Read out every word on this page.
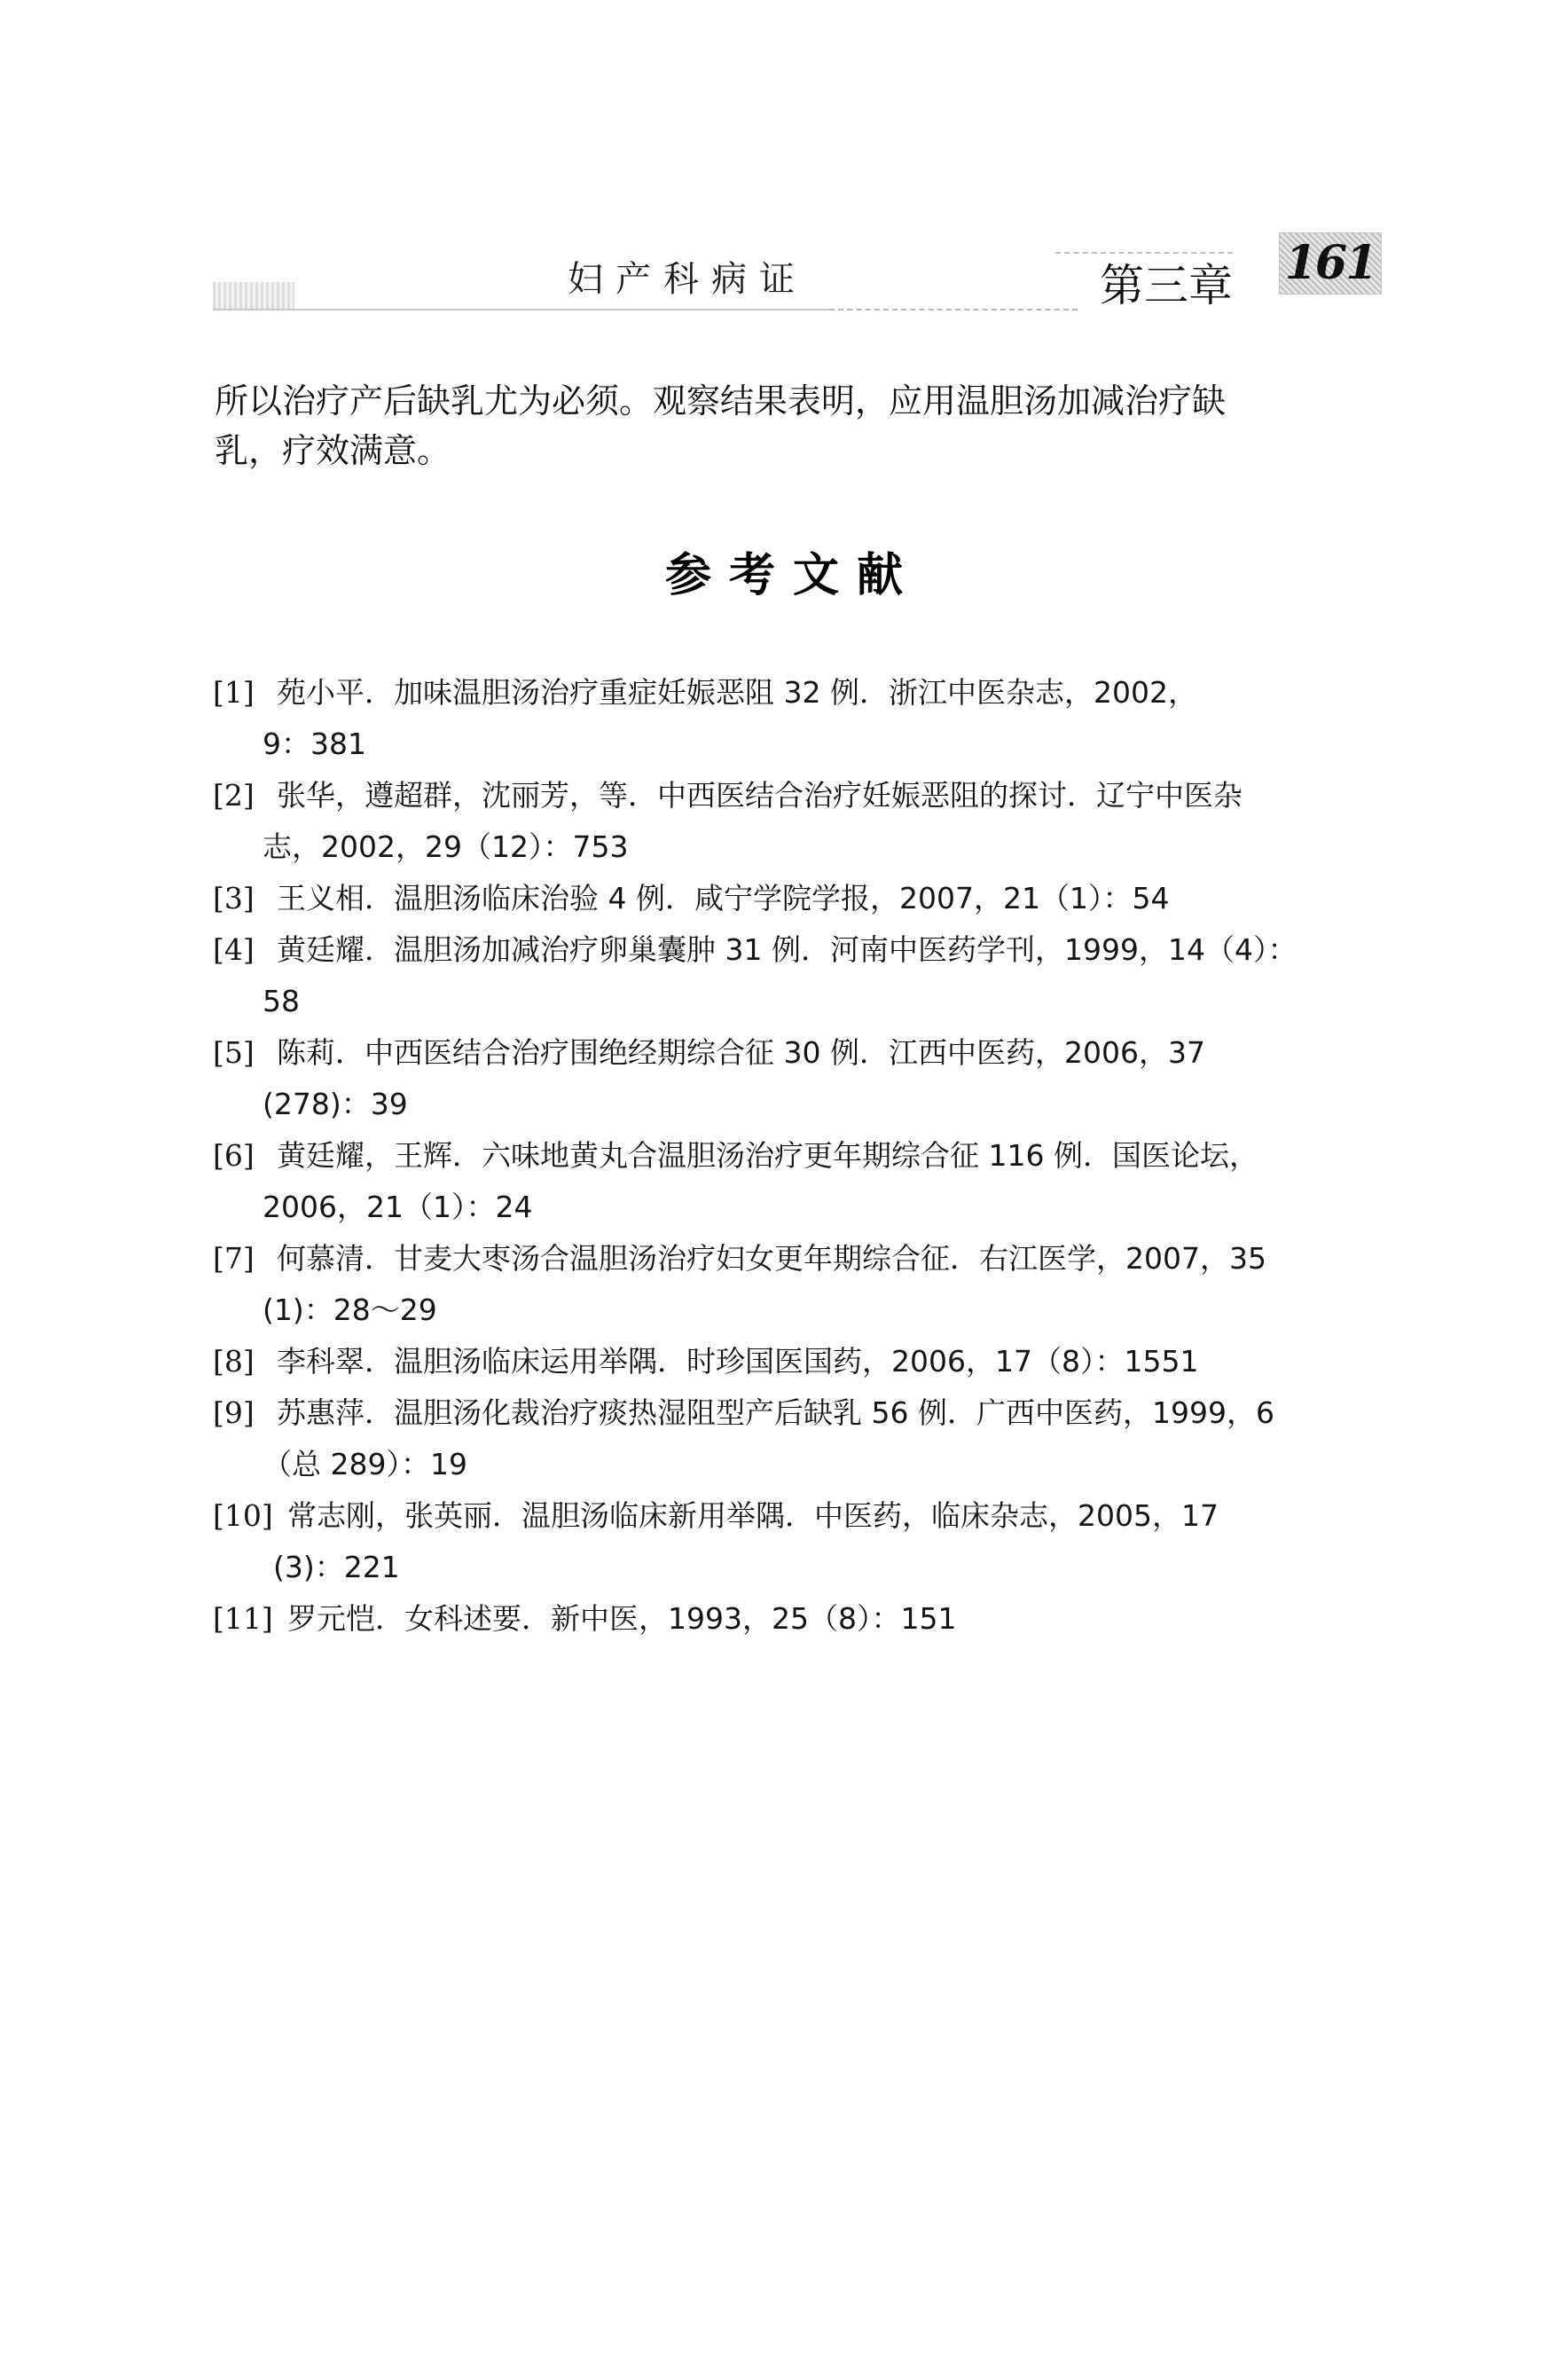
妇产科病证	第三章 161

所以治疗产后缺乳尤为必须。观察结果表明，应用温胆汤加减治疗缺

乳，疗效满意。

参考文献
[1] 苑小平．加味温胆汤治疗重症妊娠恶阻 32 例．浙江中医杂志，2002，
9：381
[2] 张华，遵超群，沈丽芳，等．中西医结合治疗妊娠恶阻的探讨．辽宁中医杂
志，2002，29（12）：753
[3] 王义相．温胆汤临床治验 4 例．咸宁学院学报，2007，21（1）：54
[4] 黄廷耀．温胆汤加减治疗卵巢囊肿 31 例．河南中医药学刊，1999，14（4）：
58
[5] 陈莉．中西医结合治疗围绝经期综合征 30 例．江西中医药，2006，37
(278)：39
[6] 黄廷耀，王辉．六味地黄丸合温胆汤治疗更年期综合征 116 例．国医论坛，
2006，21（1）：24
[7] 何慕清．甘麦大枣汤合温胆汤治疗妇女更年期综合征．右江医学，2007，35
(1)：28～29
[8] 李科翠．温胆汤临床运用举隅．时珍国医国药，2006，17（8）：1551
[9] 苏惠萍．温胆汤化裁治疗痰热湿阻型产后缺乳 56 例．广西中医药，1999，6
（总 289）：19
[10] 常志刚，张英丽．温胆汤临床新用举隅．中医药，临床杂志，2005，17
(3)：221
[11] 罗元恺．女科述要．新中医，1993，25（8）：151
